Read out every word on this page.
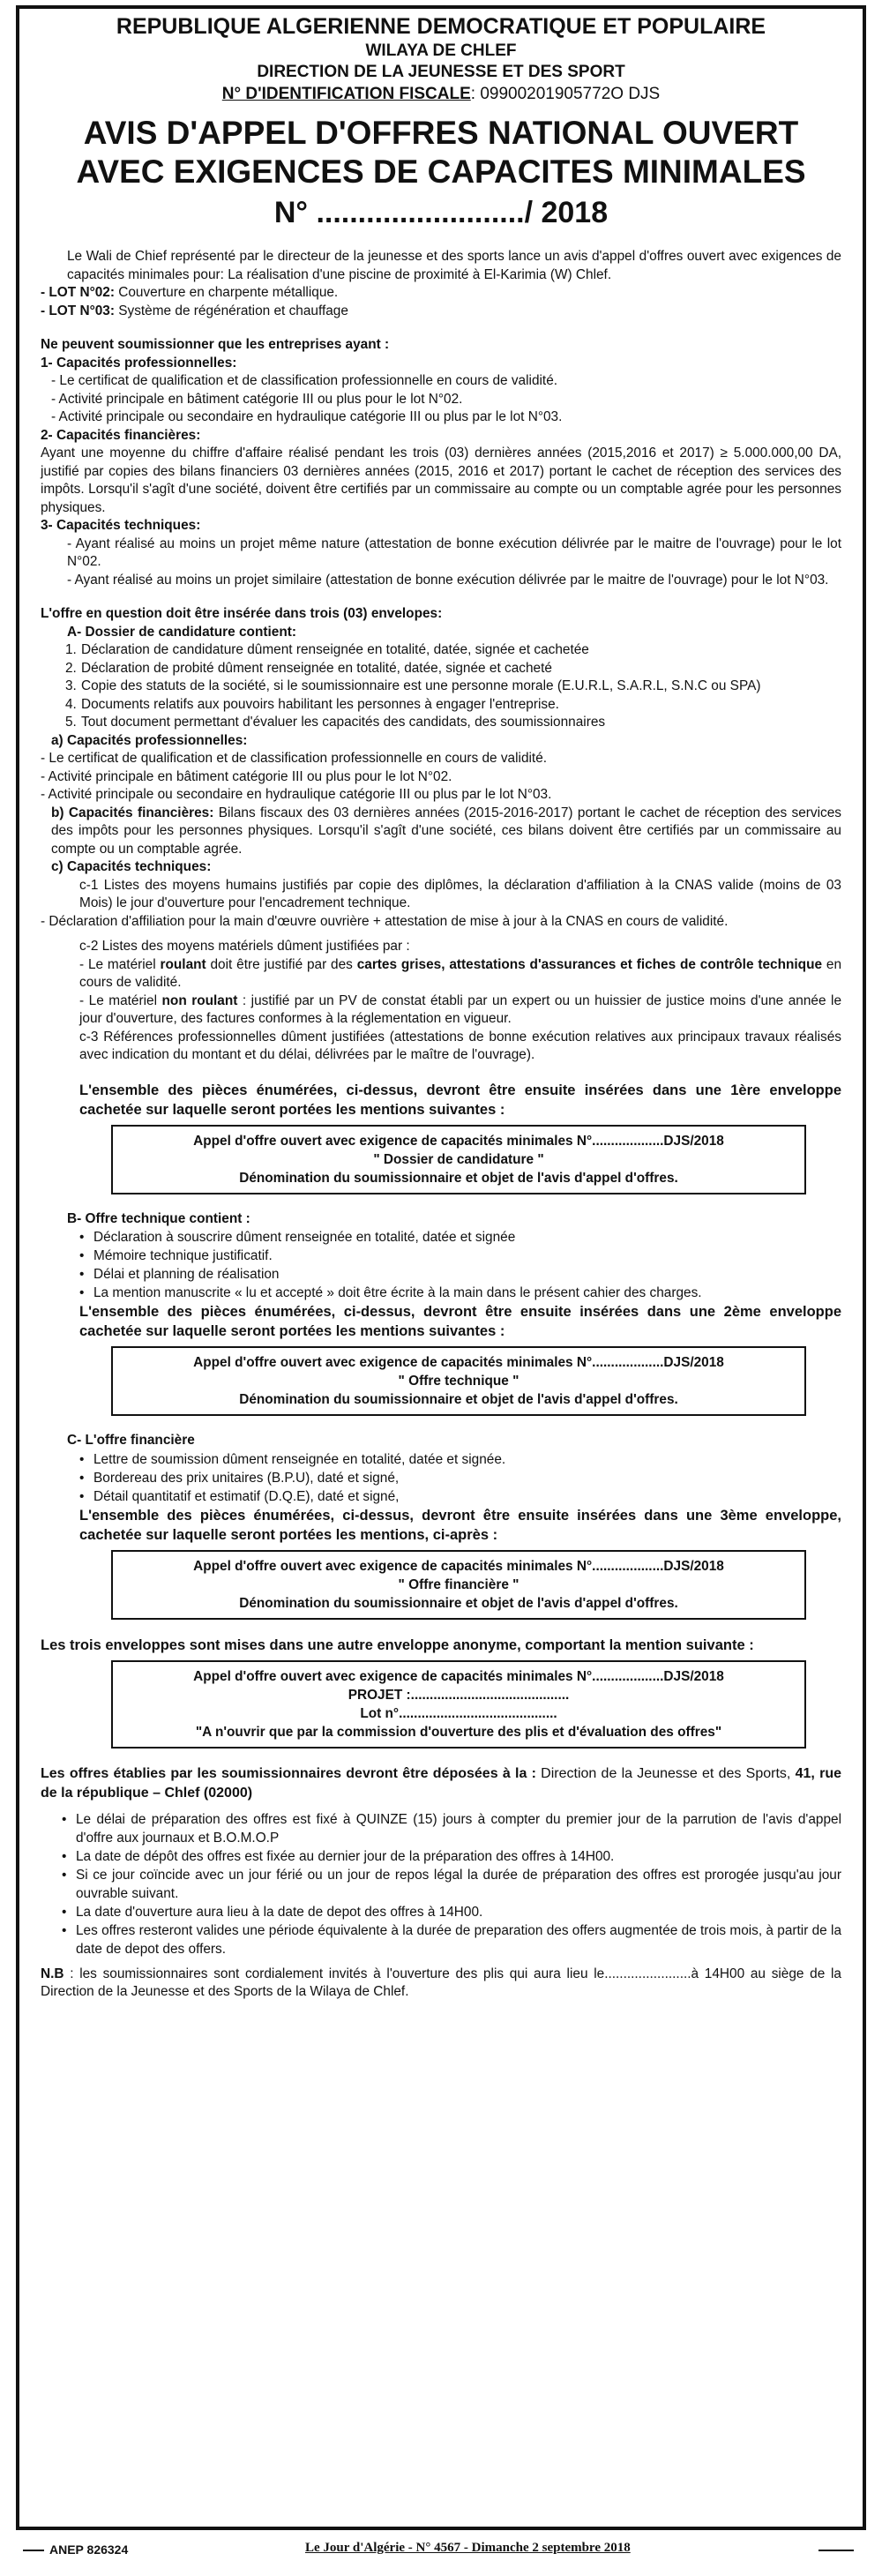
REPUBLIQUE ALGERIENNE DEMOCRATIQUE ET POPULAIRE
WILAYA DE CHLEF
DIRECTION DE LA JEUNESSE ET DES SPORT
N° D'IDENTIFICATION FISCALE: 09900201905772O DJS
AVIS D'APPEL D'OFFRES NATIONAL OUVERT
AVEC EXIGENCES DE CAPACITES MINIMALES
N° ........................./ 2018

Le Wali de Chief représenté par le directeur de la jeunesse et des sports lance un avis d'appel d'offres ouvert avec exigences de capacités minimales pour: La réalisation d'une piscine de proximité à El-Karimia (W) Chlef.

- LOT N°02: Couverture en charpente métallique.

- LOT N°03: Système de régénération et chauffage

Ne peuvent soumissionner que les entreprises ayant :

1- Capacités professionnelles:

- Le certificat de qualification et de classification professionnelle en cours de validité.

- Activité principale en bâtiment catégorie III ou plus pour le lot N°02.

- Activité principale ou secondaire en hydraulique catégorie III ou plus par le lot N°03.

2- Capacités financières:

Ayant une moyenne du chiffre d'affaire réalisé pendant les trois (03) dernières années (2015,2016 et 2017) ≥ 5.000.000,00 DA, justifié par copies des bilans financiers 03 dernières années (2015, 2016 et 2017) portant le cachet de réception des services des impôts. Lorsqu'il s'agît d'une société, doivent être certifiés par un commissaire au compte ou un comptable agrée pour les personnes physiques.

3- Capacités techniques:

- Ayant réalisé au moins un projet même nature (attestation de bonne exécution délivrée par le maitre de l'ouvrage) pour le lot N°02.

- Ayant réalisé au moins un projet similaire (attestation de bonne exécution délivrée par le maitre de l'ouvrage) pour le lot N°03.

L'offre en question doit être insérée dans trois (03) envelopes:

A- Dossier de candidature contient:

1. Déclaration de candidature dûment renseignée en totalité, datée, signée et cachetée
2. Déclaration de probité dûment renseignée en totalité, datée, signée et cacheté
3. Copie des statuts de la société, si le soumissionnaire est une personne morale (E.U.R.L, S.A.R.L, S.N.C ou SPA)
4. Documents relatifs aux pouvoirs habilitant les personnes à engager l'entreprise.
5. Tout document permettant d'évaluer les capacités des candidats, des soumissionnaires

a) Capacités professionnelles:

- Le certificat de qualification et de classification professionnelle en cours de validité.

- Activité principale en bâtiment catégorie III ou plus pour le lot N°02.

- Activité principale ou secondaire en hydraulique catégorie III ou plus par le lot N°03.

b) Capacités financières: Bilans fiscaux des 03 dernières années (2015-2016-2017) portant le cachet de réception des services des impôts pour les personnes physiques. Lorsqu'il s'agît d'une société, ces bilans doivent être certifiés par un commissaire au compte ou un comptable agrée.

c) Capacités techniques:

c-1 Listes des moyens humains justifiés par copie des diplômes, la déclaration d'affiliation à la CNAS valide (moins de 03 Mois) le jour d'ouverture pour l'encadrement technique.

- Déclaration d'affiliation pour la main d'œuvre ouvrière + attestation de mise à jour à la CNAS en cours de validité.

c-2 Listes des moyens matériels dûment justifiées par :

- Le matériel roulant doit être justifié par des cartes grises, attestations d'assurances et fiches de contrôle technique en cours de validité.

- Le matériel non roulant : justifié par un PV de constat établi par un expert ou un huissier de justice moins d'une année le jour d'ouverture, des factures conformes à la réglementation en vigueur.

c-3 Références professionnelles dûment justifiées (attestations de bonne exécution relatives aux principaux travaux réalisés avec indication du montant et du délai, délivrées par le maître de l'ouvrage).

L'ensemble des pièces énumérées, ci-dessus, devront être ensuite insérées dans une 1ère enveloppe cachetée sur laquelle seront portées les mentions suivantes :

Appel d'offre ouvert avec exigence de capacités minimales N°...................DJS/2018
" Dossier de candidature "
Dénomination du soumissionnaire et objet de l'avis d'appel d'offres.

B- Offre technique contient :

• Déclaration à souscrire dûment renseignée en totalité, datée et signée
• Mémoire technique justificatif.
• Délai et planning de réalisation
• La mention manuscrite « lu et accepté » doit être écrite à la main dans le présent cahier des charges.

L'ensemble des pièces énumérées, ci-dessus, devront être ensuite insérées dans une 2ème enveloppe cachetée sur laquelle seront portées les mentions suivantes :

Appel d'offre ouvert avec exigence de capacités minimales N°...................DJS/2018
" Offre technique "
Dénomination du soumissionnaire et objet de l'avis d'appel d'offres.

C- L'offre financière

• Lettre de soumission dûment renseignée en totalité, datée et signée.
• Bordereau des prix unitaires (B.P.U), daté et signé,
• Détail quantitatif et estimatif (D.Q.E), daté et signé,

L'ensemble des pièces énumérées, ci-dessus, devront être ensuite insérées dans une 3ème enveloppe, cachetée sur laquelle seront portées les mentions, ci-après :

Appel d'offre ouvert avec exigence de capacités minimales N°...................DJS/2018
" Offre financière "
Dénomination du soumissionnaire et objet de l'avis d'appel d'offres.

Les trois enveloppes sont mises dans une autre enveloppe anonyme, comportant la mention suivante :

Appel d'offre ouvert avec exigence de capacités minimales N°...................DJS/2018
PROJET :..........................................
Lot n°..........................................
"A n'ouvrir que par la commission d'ouverture des plis et d'évaluation des offres"

Les offres établies par les soumissionnaires devront être déposées à la : Direction de la Jeunesse et des Sports, 41, rue de la république – Chlef (02000)

• Le délai de préparation des offres est fixé à QUINZE (15) jours à compter du premier jour de la parrution de l'avis d'appel d'offre aux journaux et B.O.M.O.P
• La date de dépôt des offres est fixée au dernier jour de la préparation des offres à 14H00.
• Si ce jour coïncide avec un jour férié ou un jour de repos légal la durée de préparation des offres est prorogée jusqu'au jour ouvrable suivant.
• La date d'ouverture aura lieu à la date de depot des offres à 14H00.
• Les offres resteront valides une période équivalente à la durée de preparation des offers augmentée de trois mois, à partir de la date de depot des offers.

N.B : les soumissionnaires sont cordialement invités à l'ouverture des plis qui aura lieu le.......................à 14H00 au siège de la Direction de la Jeunesse et des Sports de la Wilaya de Chlef.

ANEP 826324	Le Jour d'Algérie - N° 4567 - Dimanche 2 septembre 2018
